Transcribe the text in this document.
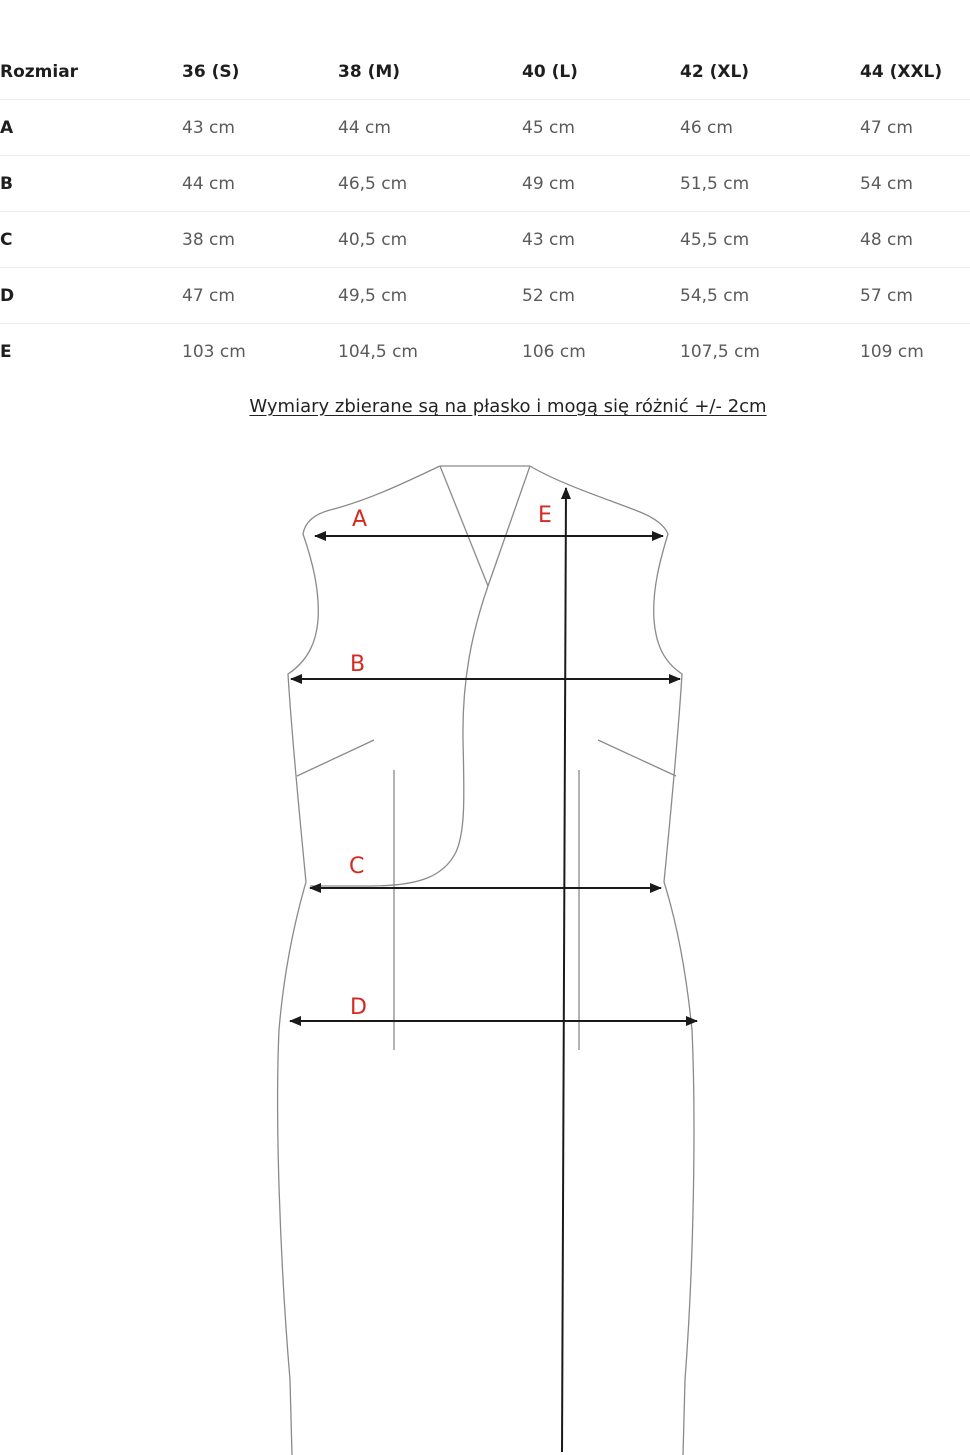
Rozmiar	36 (S)	38 (M)	40 (L)	42 (XL)	44 (XXL)
A	43 cm	44 cm	45 cm	46 cm	47 cm
B	44 cm	46,5 cm	49 cm	51,5 cm	54 cm
C	38 cm	40,5 cm	43 cm	45,5 cm	48 cm
D	47 cm	49,5 cm	52 cm	54,5 cm	57 cm
E	103 cm	104,5 cm	106 cm	107,5 cm	109 cm
Wymiary zbierane są na płasko i mogą się różnić +/- 2cm
A	E
B
C
D
